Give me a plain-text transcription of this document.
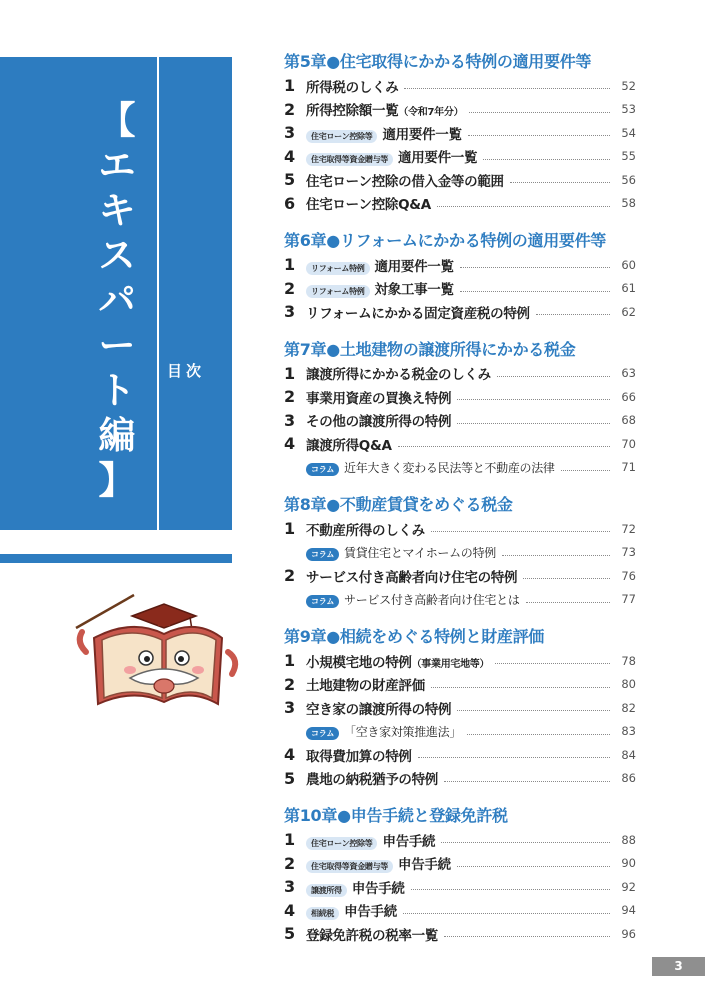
【
エ
キ
ス
パ
ー
ト
編
】
目次
第5章●住宅取得にかかる特例の適用要件等
1 所得税のしくみ	52
2 所得控除額一覧（令和7年分）	53
3	住宅ローン控除等 適用要件一覧	54
4	住宅取得等資金贈与等 適用要件一覧	55
5 住宅ローン控除の借入金等の範囲	56
6 住宅ローン控除Q&A	58
第6章●リフォームにかかる特例の適用要件等
1	リフォーム特例 適用要件一覧	60
2	リフォーム特例 対象工事一覧	61
3 リフォームにかかる固定資産税の特例	62
第7章●土地建物の譲渡所得にかかる税金
1 譲渡所得にかかる税金のしくみ	63
2 事業用資産の買換え特例	66
3 その他の譲渡所得の特例	68
4 譲渡所得Q&A	70
コラム 近年大きく変わる民法等と不動産の法律	71
第8章●不動産賃貸をめぐる税金
1 不動産所得のしくみ	72
コラム 賃貸住宅とマイホームの特例	73
2 サービス付き高齢者向け住宅の特例	76
コラム サービス付き高齢者向け住宅とは	77
第9章●相続をめぐる特例と財産評価
1 小規模宅地の特例（事業用宅地等）	78
2 土地建物の財産評価	80
3 空き家の譲渡所得の特例	82
コラム 「空き家対策推進法」	83
4 取得費加算の特例	84
5 農地の納税猶予の特例	86
第10章●申告手続と登録免許税
1	住宅ローン控除等 申告手続	88
2	住宅取得等資金贈与等 申告手続	90
3	譲渡所得 申告手続	92
4	相続税 申告手続	94
5 登録免許税の税率一覧	96
3
